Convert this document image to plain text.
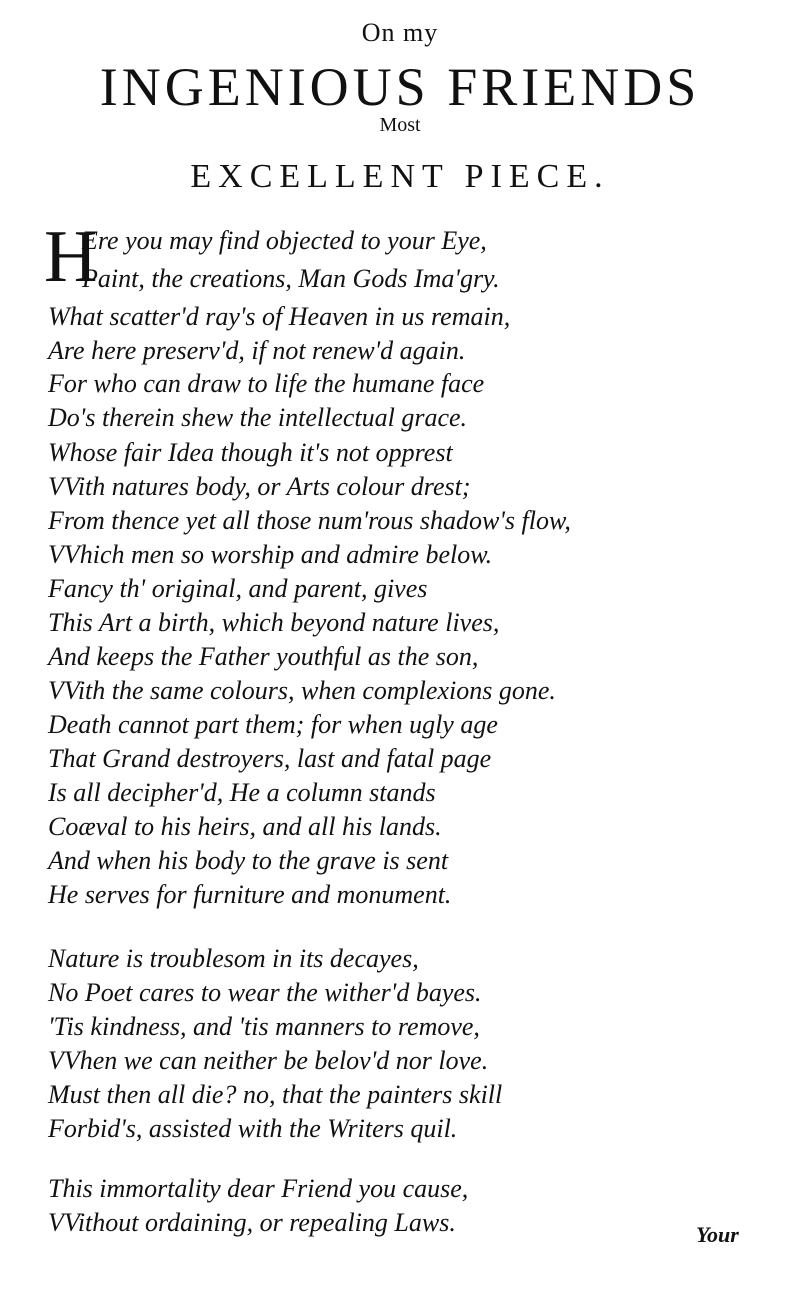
On my
INGENIOUS FRIENDS
Most
EXCELLENT PIECE.
H
Ere you may find objected to your Eye,
Paint, the creations, Man Gods Ima'gry.
What scatter'd ray's of Heaven in us remain,
Are here preserv'd, if not renew'd again.
For who can draw to life the humane face
Do's therein shew the intellectual grace.
Whose fair Idea though it's not opprest
VVith natures body, or Arts colour drest;
From thence yet all those num'rous shadow's flow,
VVhich men so worship and admire below.
Fancy th' original, and parent, gives
This Art a birth, which beyond nature lives,
And keeps the Father youthful as the son,
VVith the same colours, when complexions gone.
Death cannot part them; for when ugly age
That Grand destroyers, last and fatal page
Is all decipher'd, He a column stands
Coæval to his heirs, and all his lands.
And when his body to the grave is sent
He serves for furniture and monument.
Nature is troublesom in its decayes,
No Poet cares to wear the wither'd bayes.
'Tis kindness, and 'tis manners to remove,
VVhen we can neither be belov'd nor love.
Must then all die? no, that the painters skill
Forbid's, assisted with the Writers quil.
This immortality dear Friend you cause,
VVithout ordaining, or repealing Laws.	Your
